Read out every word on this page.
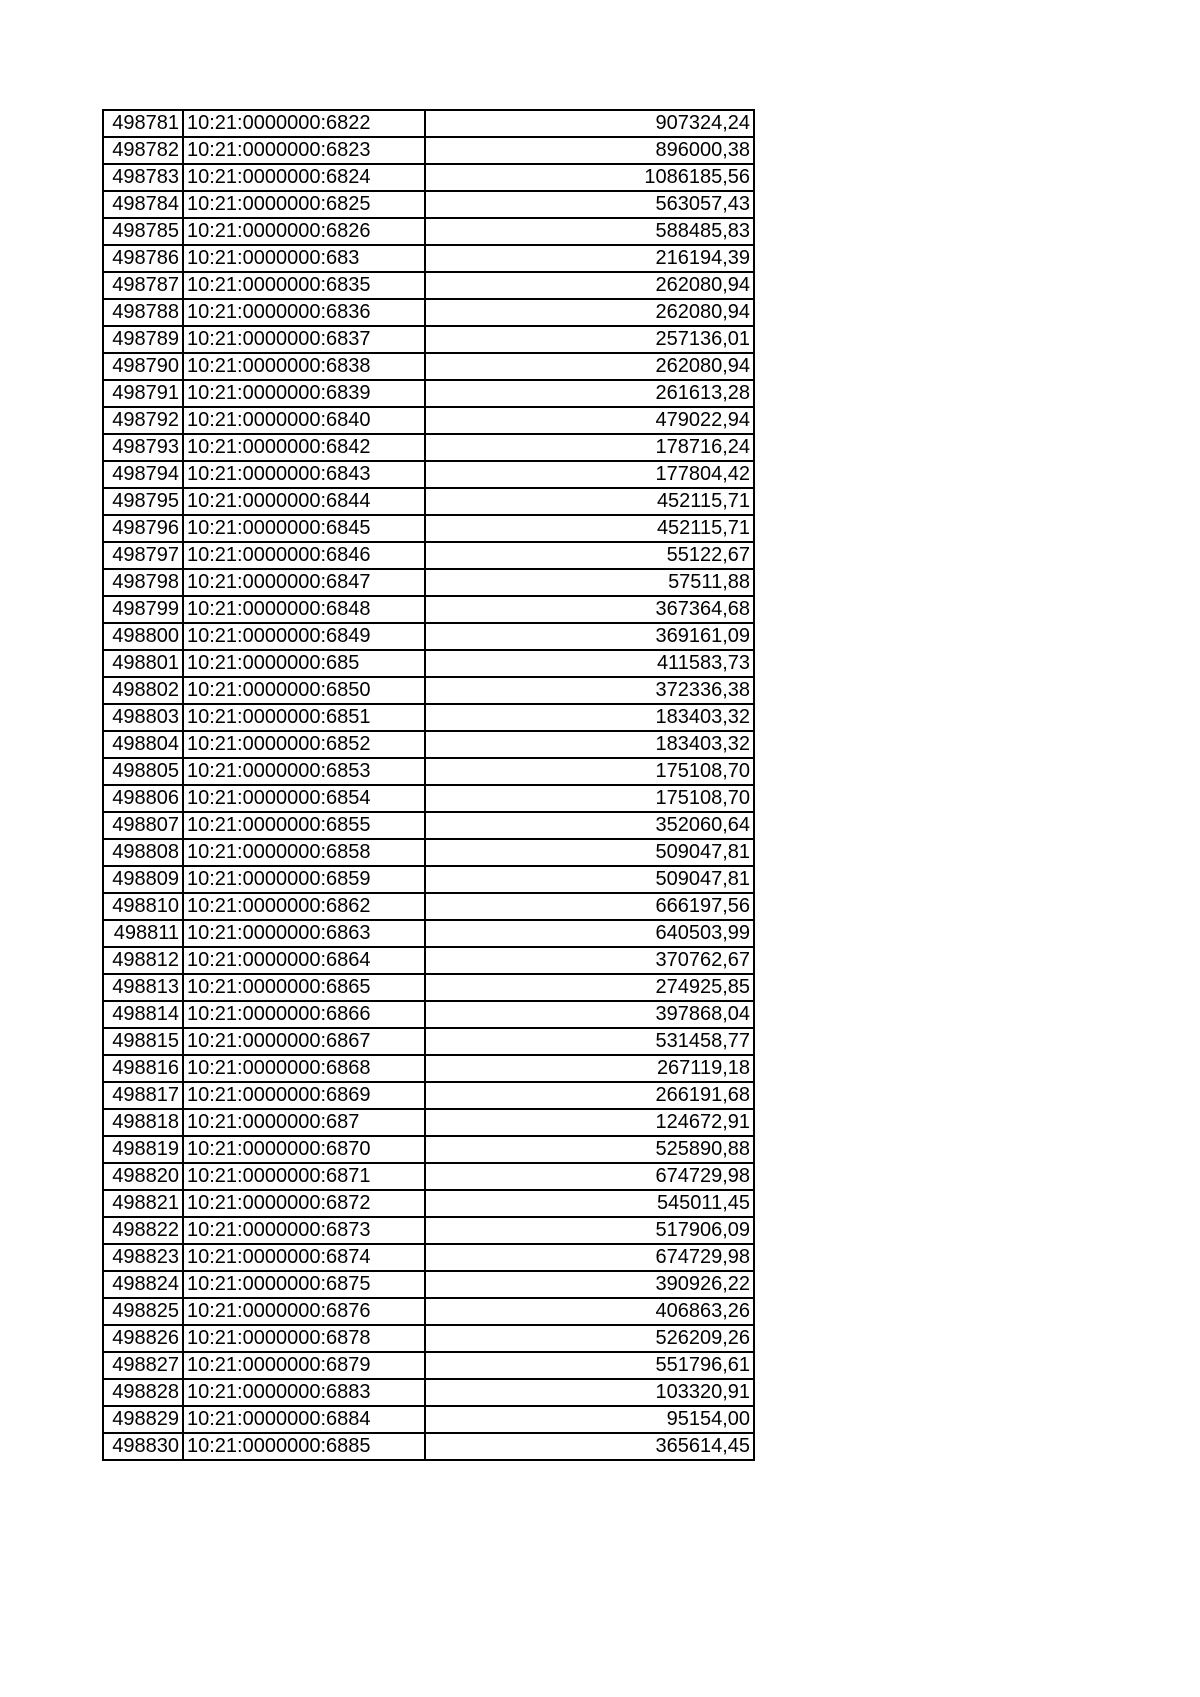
498781	10:21:0000000:6822	907324,24
498782	10:21:0000000:6823	896000,38
498783	10:21:0000000:6824	1086185,56
498784	10:21:0000000:6825	563057,43
498785	10:21:0000000:6826	588485,83
498786	10:21:0000000:683	216194,39
498787	10:21:0000000:6835	262080,94
498788	10:21:0000000:6836	262080,94
498789	10:21:0000000:6837	257136,01
498790	10:21:0000000:6838	262080,94
498791	10:21:0000000:6839	261613,28
498792	10:21:0000000:6840	479022,94
498793	10:21:0000000:6842	178716,24
498794	10:21:0000000:6843	177804,42
498795	10:21:0000000:6844	452115,71
498796	10:21:0000000:6845	452115,71
498797	10:21:0000000:6846	55122,67
498798	10:21:0000000:6847	57511,88
498799	10:21:0000000:6848	367364,68
498800	10:21:0000000:6849	369161,09
498801	10:21:0000000:685	411583,73
498802	10:21:0000000:6850	372336,38
498803	10:21:0000000:6851	183403,32
498804	10:21:0000000:6852	183403,32
498805	10:21:0000000:6853	175108,70
498806	10:21:0000000:6854	175108,70
498807	10:21:0000000:6855	352060,64
498808	10:21:0000000:6858	509047,81
498809	10:21:0000000:6859	509047,81
498810	10:21:0000000:6862	666197,56
498811	10:21:0000000:6863	640503,99
498812	10:21:0000000:6864	370762,67
498813	10:21:0000000:6865	274925,85
498814	10:21:0000000:6866	397868,04
498815	10:21:0000000:6867	531458,77
498816	10:21:0000000:6868	267119,18
498817	10:21:0000000:6869	266191,68
498818	10:21:0000000:687	124672,91
498819	10:21:0000000:6870	525890,88
498820	10:21:0000000:6871	674729,98
498821	10:21:0000000:6872	545011,45
498822	10:21:0000000:6873	517906,09
498823	10:21:0000000:6874	674729,98
498824	10:21:0000000:6875	390926,22
498825	10:21:0000000:6876	406863,26
498826	10:21:0000000:6878	526209,26
498827	10:21:0000000:6879	551796,61
498828	10:21:0000000:6883	103320,91
498829	10:21:0000000:6884	95154,00
498830	10:21:0000000:6885	365614,45
